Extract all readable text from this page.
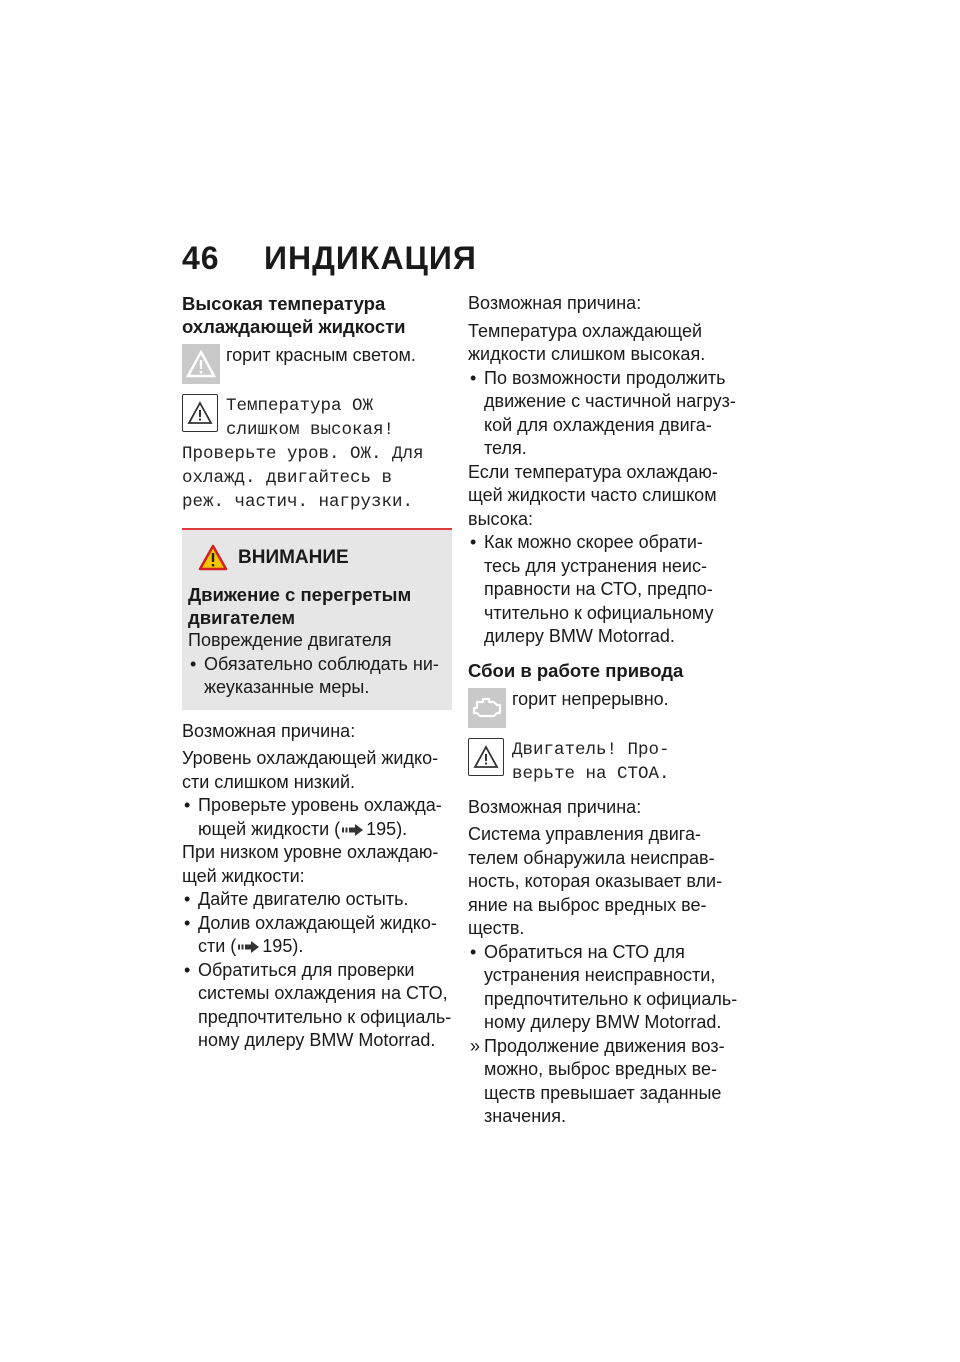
46 ИНДИКАЦИЯ
Высокая температура
охлаждающей жидкости
горит красным светом.
Температура ОЖ
слишком высокая!
Проверьте уров. ОЖ. Для
охлажд. двигайтесь в
реж. частич. нагрузки.
ВНИМАНИЕ
Движение с перегретым
двигателем
Повреждение двигателя
• Обязательно соблюдать ни-
жеуказанные меры.
Возможная причина:
Уровень охлаждающей жидко-
сти слишком низкий.
• Проверьте уровень охлажда-
ющей жидкости ( 195).
При низком уровне охлаждаю-
щей жидкости:
• Дайте двигателю остыть.
• Долив охлаждающей жидко-
сти ( 195).
• Обратиться для проверки
системы охлаждения на СТО,
предпочтительно к официаль-
ному дилеру BMW Motorrad.
Возможная причина:
Температура охлаждающей
жидкости слишком высокая.
• По возможности продолжить
движение с частичной нагруз-
кой для охлаждения двига-
теля.
Если температура охлаждаю-
щей жидкости часто слишком
высока:
• Как можно скорее обрати-
тесь для устранения неис-
правности на СТО, предпо-
чтительно к официальному
дилеру BMW Motorrad.
Сбои в работе привода
горит непрерывно.
Двигатель! Про-
верьте на СТОА.
Возможная причина:
Система управления двига-
телем обнаружила неисправ-
ность, которая оказывает вли-
яние на выброс вредных ве-
ществ.
• Обратиться на СТО для
устранения неисправности,
предпочтительно к официаль-
ному дилеру BMW Motorrad.
» Продолжение движения воз-
можно, выброс вредных ве-
ществ превышает заданные
значения.
